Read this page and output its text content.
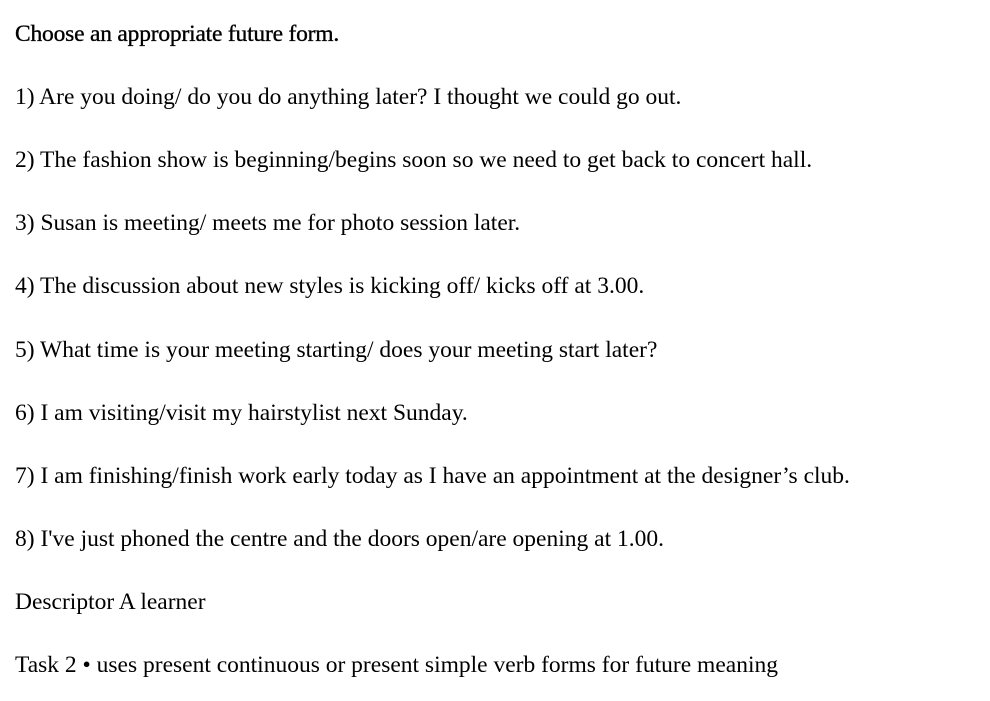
Choose an appropriate future form.
1) Are you doing/ do you do anything later? I thought we could go out.
2) The fashion show is beginning/begins soon so we need to get back to concert hall.
3) Susan is meeting/ meets me for photo session later.
4) The discussion about new styles is kicking off/ kicks off at 3.00.
5) What time is your meeting starting/ does your meeting start later?
6) I am visiting/visit my hairstylist next Sunday.
7) I am finishing/finish work early today as I have an appointment at the designer’s club.
8) I've just phoned the centre and the doors open/are opening at 1.00.
Descriptor A learner
Task 2 • uses present continuous or present simple verb forms for future meaning
